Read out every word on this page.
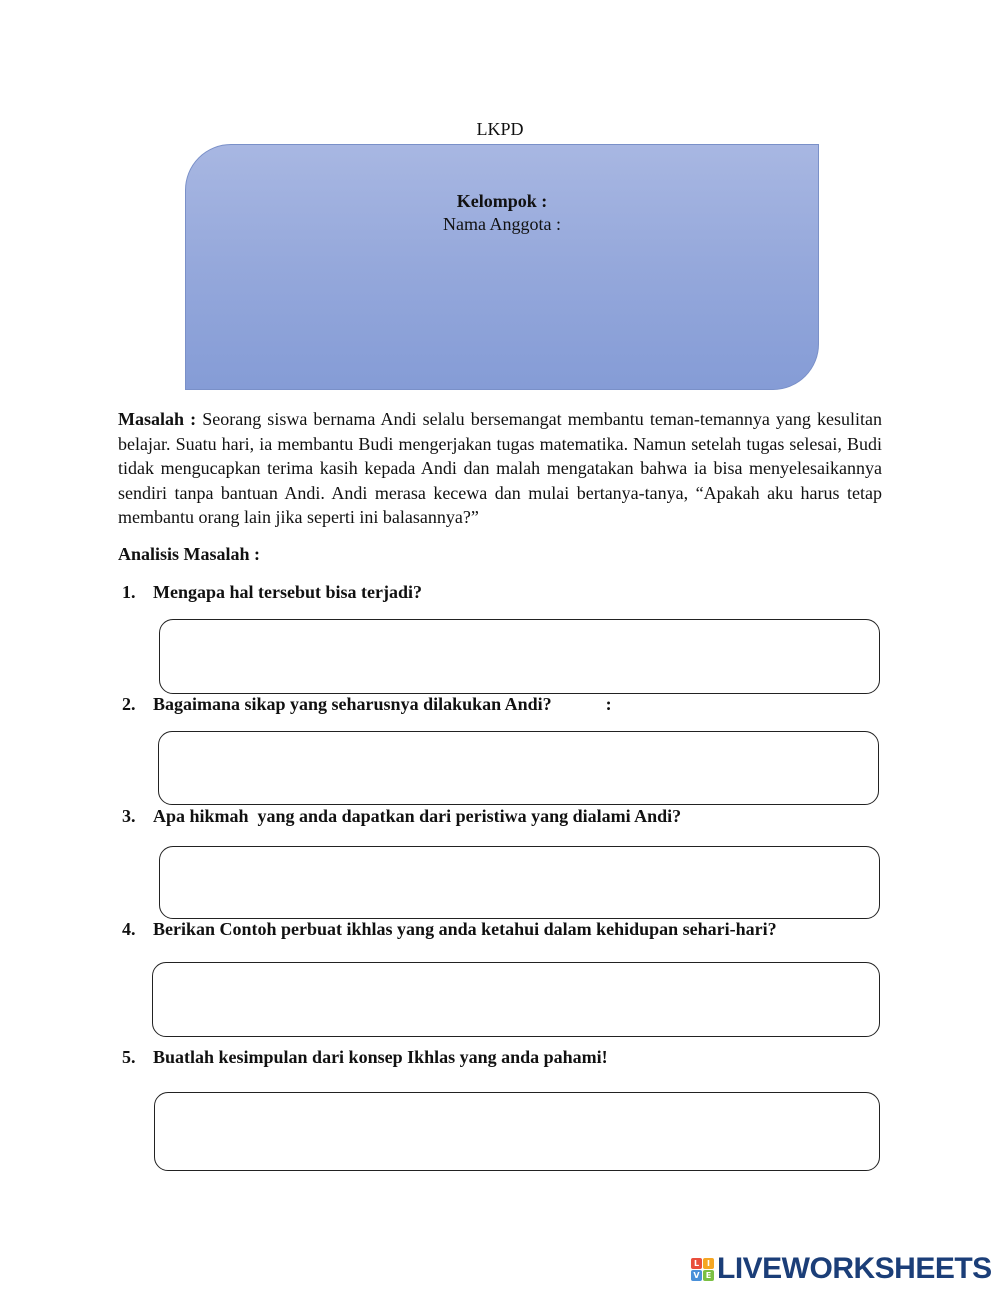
LKPD
Kelompok :
Nama Anggota :
Masalah : Seorang siswa bernama Andi selalu bersemangat membantu teman-temannya yang kesulitan belajar. Suatu hari, ia membantu Budi mengerjakan tugas matematika. Namun setelah tugas selesai, Budi tidak mengucapkan terima kasih kepada Andi dan malah mengatakan bahwa ia bisa menyelesaikannya sendiri tanpa bantuan Andi. Andi merasa kecewa dan mulai bertanya-tanya, “Apakah aku harus tetap membantu orang lain jika seperti ini balasannya?”
Analisis Masalah :
1. Mengapa hal tersebut bisa terjadi?
2. Bagaimana sikap yang seharusnya dilakukan Andi?            :
3. Apa hikmah  yang anda dapatkan dari peristiwa yang dialami Andi?
4. Berikan Contoh perbuat ikhlas yang anda ketahui dalam kehidupan sehari-hari?
5. Buatlah kesimpulan dari konsep Ikhlas yang anda pahami!
L I
V E LIVEWORKSHEETS
